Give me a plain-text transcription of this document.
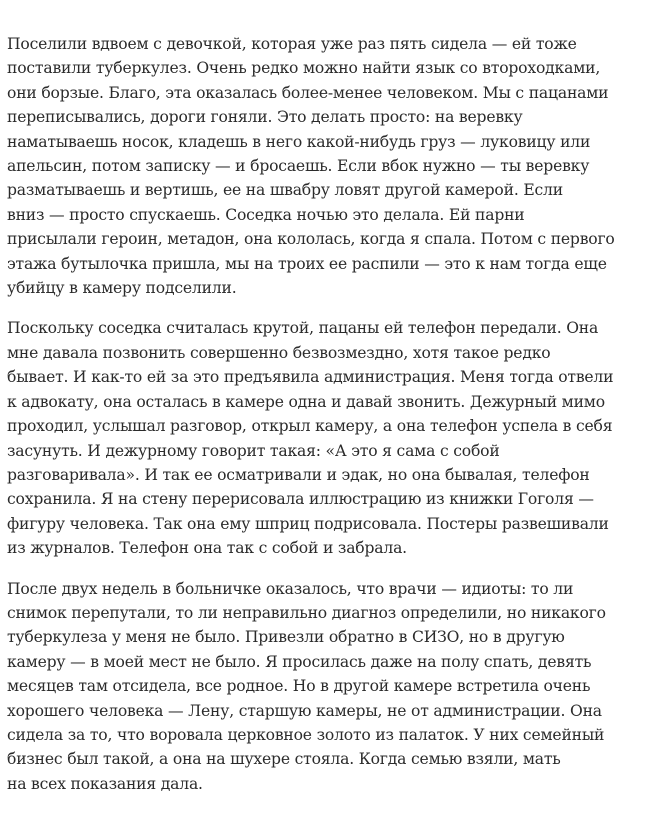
Поселили вдвоем с девочкой, которая уже раз пять сидела — ей тоже
поставили туберкулез. Очень редко можно найти язык со второходками,
они борзые. Благо, эта оказалась более-менее человеком. Мы с пацанами
переписывались, дороги гоняли. Это делать просто: на веревку
наматываешь носок, кладешь в него какой-нибудь груз — луковицу или
апельсин, потом записку — и бросаешь. Если вбок нужно — ты веревку
разматываешь и вертишь, ее на швабру ловят другой камерой. Если
вниз — просто спускаешь. Соседка ночью это делала. Ей парни
присылали героин, метадон, она кололась, когда я спала. Потом с первого
этажа бутылочка пришла, мы на троих ее распили — это к нам тогда еще
убийцу в камеру подселили.

Поскольку соседка считалась крутой, пацаны ей телефон передали. Она
мне давала позвонить совершенно безвозмездно, хотя такое редко
бывает. И как-то ей за это предъявила администрация. Меня тогда отвели
к адвокату, она осталась в камере одна и давай звонить. Дежурный мимо
проходил, услышал разговор, открыл камеру, а она телефон успела в себя
засунуть. И дежурному говорит такая: «А это я сама с собой
разговаривала». И так ее осматривали и эдак, но она бывалая, телефон
сохранила. Я на стену перерисовала иллюстрацию из книжки Гоголя —
фигуру человека. Так она ему шприц подрисовала. Постеры развешивали
из журналов. Телефон она так с собой и забрала.

После двух недель в больничке оказалось, что врачи — идиоты: то ли
снимок перепутали, то ли неправильно диагноз определили, но никакого
туберкулеза у меня не было. Привезли обратно в СИЗО, но в другую
камеру — в моей мест не было. Я просилась даже на полу спать, девять
месяцев там отсидела, все родное. Но в другой камере встретила очень
хорошего человека — Лену, старшую камеры, не от администрации. Она
сидела за то, что воровала церковное золото из палаток. У них семейный
бизнес был такой, а она на шухере стояла. Когда семью взяли, мать
на всех показания дала.
